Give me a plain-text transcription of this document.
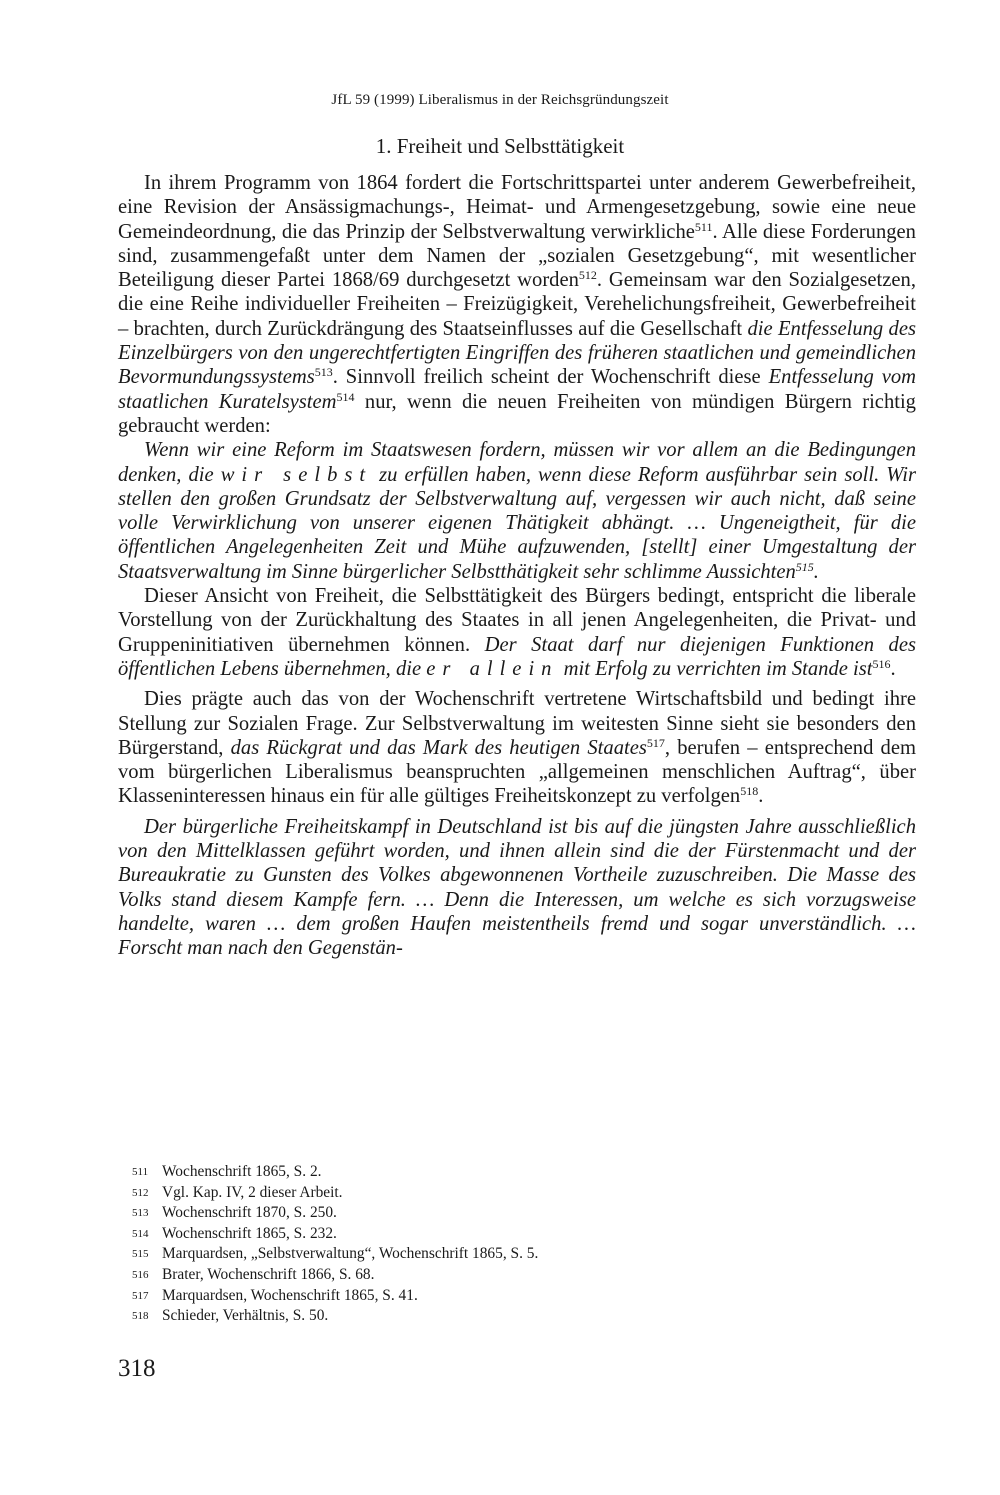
JfL 59 (1999) Liberalismus in der Reichsgründungszeit
1. Freiheit und Selbsttätigkeit

In ihrem Programm von 1864 fordert die Fortschrittspartei unter anderem Gewerbefreiheit, eine Revision der Ansässigmachungs-, Heimat- und Armengesetzgebung, sowie eine neue Gemeindeordnung, die das Prinzip der Selbstverwaltung verwirkliche$^{511}$. Alle diese Forderungen sind, zusammengefaßt unter dem Namen der „sozialen Gesetzgebung“, mit wesentlicher Beteiligung dieser Partei 1868/69 durchgesetzt worden$^{512}$. Gemeinsam war den Sozialgesetzen, die eine Reihe individueller Freiheiten – Freizügigkeit, Verehelichungsfreiheit, Gewerbefreiheit – brachten, durch Zurückdrängung des Staatseinflusses auf die Gesellschaft die Entfesselung des Einzelbürgers von den ungerechtfertigten Eingriffen des früheren staatlichen und gemeindlichen Bevormundungssystems$^{513}$. Sinnvoll freilich scheint der Wochenschrift diese Entfesselung vom staatlichen Kuratelsystem$^{514}$ nur, wenn die neuen Freiheiten von mündigen Bürgern richtig gebraucht werden:

Wenn wir eine Reform im Staatswesen fordern, müssen wir vor allem an die Bedingungen denken, die wir selbst zu erfüllen haben, wenn diese Reform ausführbar sein soll. Wir stellen den großen Grundsatz der Selbstverwaltung auf, vergessen wir auch nicht, daß seine volle Verwirklichung von unserer eigenen Thätigkeit abhängt. … Ungeneigtheit, für die öffentlichen Angelegenheiten Zeit und Mühe aufzuwenden, [stellt] einer Umgestaltung der Staatsverwaltung im Sinne bürgerlicher Selbstthätigkeit sehr schlimme Aussichten$^{515}$.

Dieser Ansicht von Freiheit, die Selbsttätigkeit des Bürgers bedingt, entspricht die liberale Vorstellung von der Zurückhaltung des Staates in all jenen Angelegenheiten, die Privat- und Gruppeninitiativen übernehmen können. Der Staat darf nur diejenigen Funktionen des öffentlichen Lebens übernehmen, die er allein mit Erfolg zu verrichten im Stande ist$^{516}$.

Dies prägte auch das von der Wochenschrift vertretene Wirtschaftsbild und bedingt ihre Stellung zur Sozialen Frage. Zur Selbstverwaltung im weitesten Sinne sieht sie besonders den Bürgerstand, das Rückgrat und das Mark des heutigen Staates$^{517}$, berufen – entsprechend dem vom bürgerlichen Liberalismus beanspruchten „allgemeinen menschlichen Auftrag“, über Klasseninteressen hinaus ein für alle gültiges Freiheitskonzept zu verfolgen$^{518}$.

Der bürgerliche Freiheitskampf in Deutschland ist bis auf die jüngsten Jahre ausschließlich von den Mittelklassen geführt worden, und ihnen allein sind die der Fürstenmacht und der Bureaukratie zu Gunsten des Volkes abgewonnenen Vortheile zuzuschreiben. Die Masse des Volks stand diesem Kampfe fern. … Denn die Interessen, um welche es sich vorzugsweise handelte, waren … dem großen Haufen meistentheils fremd und sogar unverständlich. … Forscht man nach den Gegenstän-

511 Wochenschrift 1865, S. 2.
512 Vgl. Kap. IV, 2 dieser Arbeit.
513 Wochenschrift 1870, S. 250.
514 Wochenschrift 1865, S. 232.
515 Marquardsen, „Selbstverwaltung“, Wochenschrift 1865, S. 5.
516 Brater, Wochenschrift 1866, S. 68.
517 Marquardsen, Wochenschrift 1865, S. 41.
518 Schieder, Verhältnis, S. 50.
318
